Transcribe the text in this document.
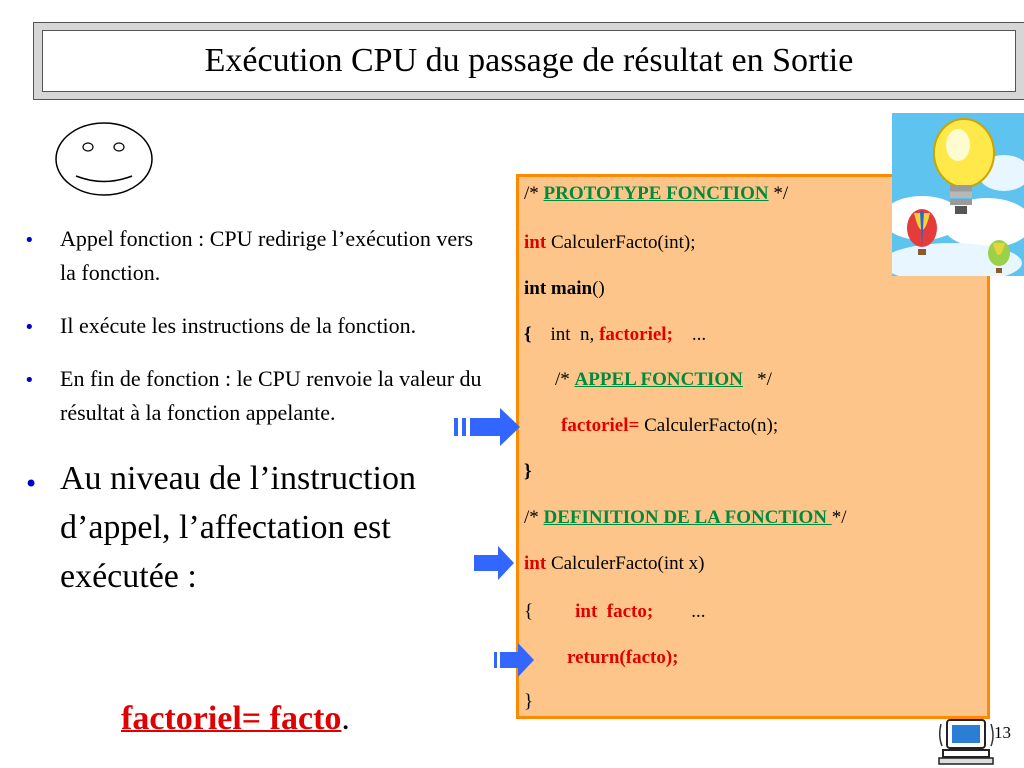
Exécution CPU du passage de résultat en Sortie
• Appel fonction : CPU redirige l’exécution vers la fonction.
• Il exécute les instructions de la fonction.
• En fin de fonction : le CPU renvoie la valeur du résultat à la fonction appelante.
• Au niveau de l’instruction d’appel, l’affectation est exécutée :
factoriel= facto.
/* PROTOTYPE FONCTION */
int CalculerFacto(int);
int main()
{    int  n, factoriel;    ...
/* APPEL FONCTION   */
factoriel= CalculerFacto(n);
}
/* DEFINITION DE LA FONCTION */
int CalculerFacto(int x)
{ int  facto;        ...
return(facto);
}
13
